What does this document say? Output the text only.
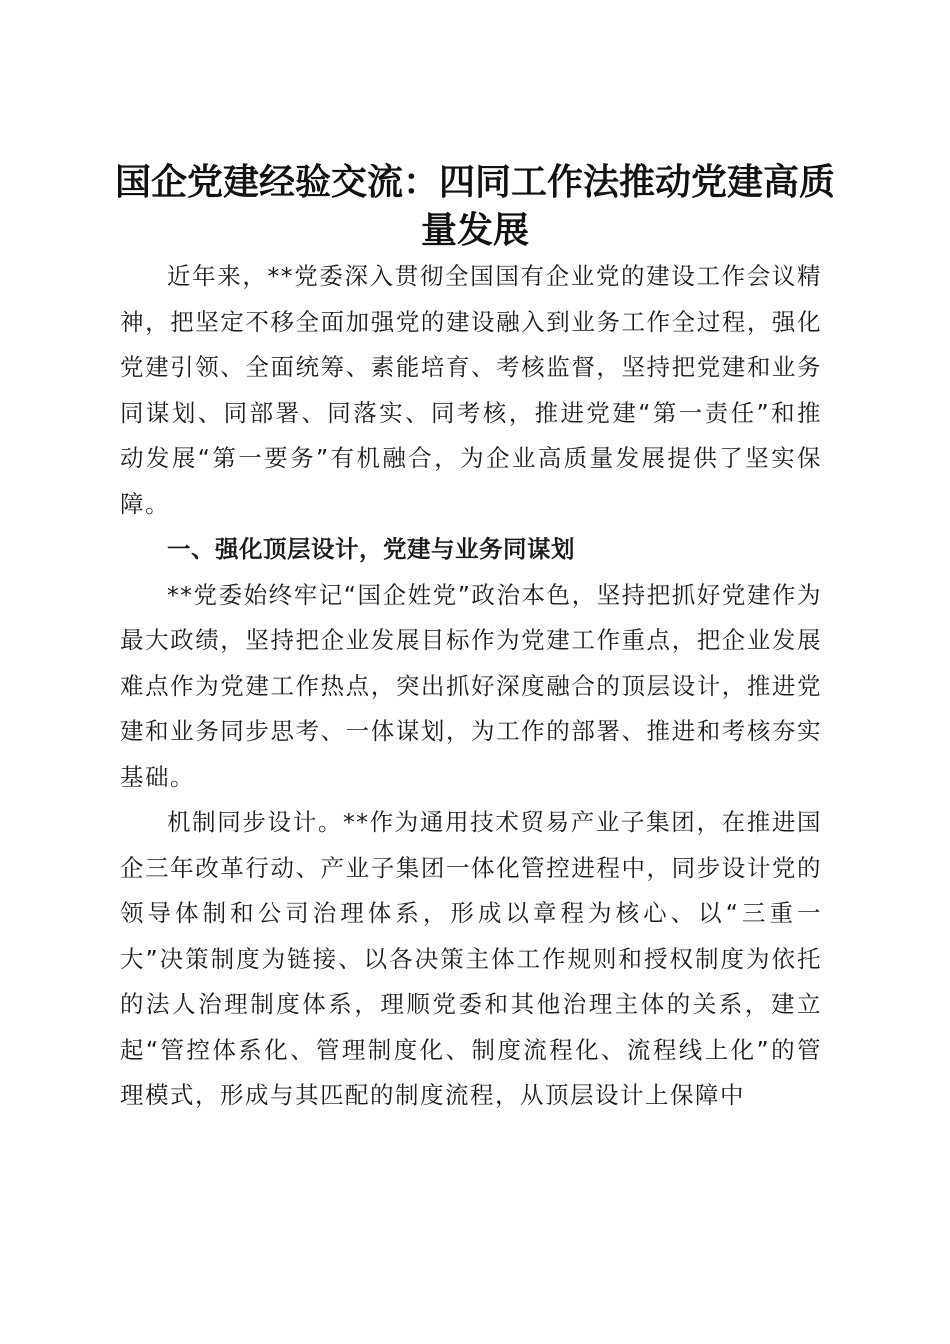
国企党建经验交流：四同工作法推动党建高质
量发展

近年来，**党委深入贯彻全国国有企业党的建设工作会议精神，把坚定不移全面加强党的建设融入到业务工作全过程，强化党建引领、全面统筹、素能培育、考核监督，坚持把党建和业务同谋划、同部署、同落实、同考核，推进党建“第一责任”和推动发展“第一要务”有机融合，为企业高质量发展提供了坚实保障。

一、强化顶层设计，党建与业务同谋划

**党委始终牢记“国企姓党”政治本色，坚持把抓好党建作为最大政绩，坚持把企业发展目标作为党建工作重点，把企业发展难点作为党建工作热点，突出抓好深度融合的顶层设计，推进党建和业务同步思考、一体谋划，为工作的部署、推进和考核夯实基础。

机制同步设计。**作为通用技术贸易产业子集团，在推进国企三年改革行动、产业子集团一体化管控进程中，同步设计党的领导体制和公司治理体系，形成以章程为核心、以“三重一大”决策制度为链接、以各决策主体工作规则和授权制度为依托的法人治理制度体系，理顺党委和其他治理主体的关系，建立起“管控体系化、管理制度化、制度流程化、流程线上化”的管理模式，形成与其匹配的制度流程，从顶层设计上保障中
